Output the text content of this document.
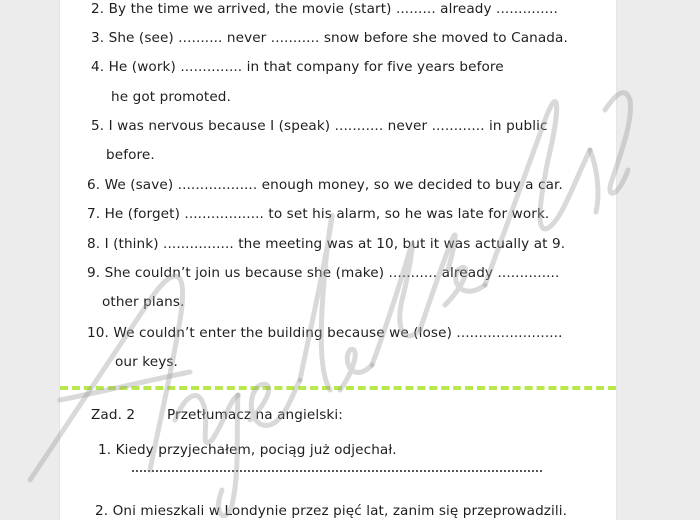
2. By the time we arrived, the movie (start) ......... already ..............
3. She (see) .......... never ........... snow before she moved to Canada.
4. He (work) .............. in that company for five years before
he got promoted.
5. I was nervous because I (speak) ........... never ............ in public
before.
6. We (save) .................. enough money, so we decided to buy a car.
7. He (forget) .................. to set his alarm, so he was late for work.
8. I (think) ................ the meeting was at 10, but it was actually at 9.
9. She couldn’t join us because she (make) ........... already ..............
other plans.
10. We couldn’t enter the building because we (lose) ........................
our keys.
Zad. 2 Przetłumacz na angielski:
1. Kiedy przyjechałem, pociąg już odjechał.
2. Oni mieszkali w Londynie przez pięć lat, zanim się przeprowadzili.
